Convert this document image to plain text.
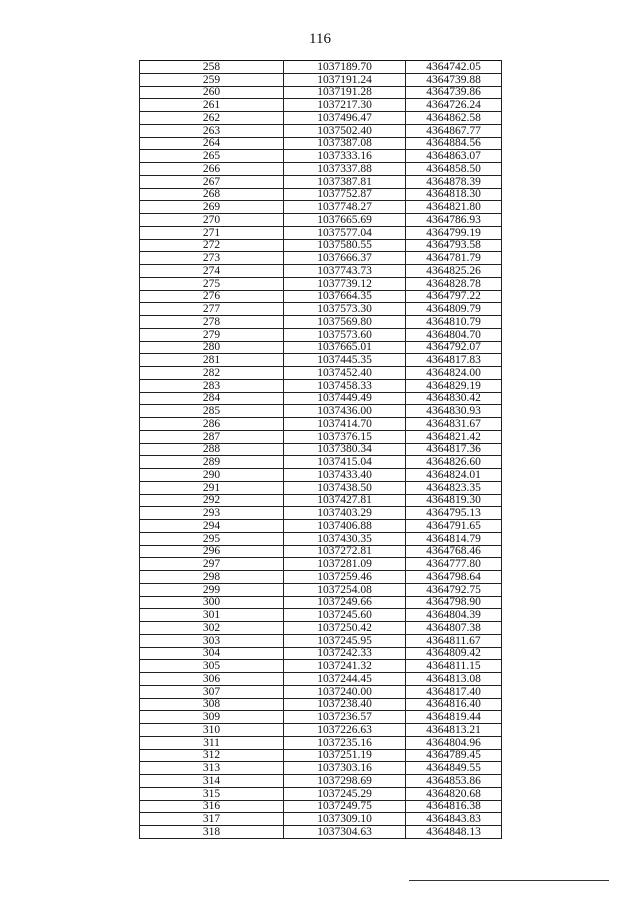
116
258	1037189.70	4364742.05
259	1037191.24	4364739.88
260	1037191.28	4364739.86
261	1037217.30	4364726.24
262	1037496.47	4364862.58
263	1037502.40	4364867.77
264	1037387.08	4364884.56
265	1037333.16	4364863.07
266	1037337.88	4364858.50
267	1037387.81	4364878.39
268	1037752.87	4364818.30
269	1037748.27	4364821.80
270	1037665.69	4364786.93
271	1037577.04	4364799.19
272	1037580.55	4364793.58
273	1037666.37	4364781.79
274	1037743.73	4364825.26
275	1037739.12	4364828.78
276	1037664.35	4364797.22
277	1037573.30	4364809.79
278	1037569.80	4364810.79
279	1037573.60	4364804.70
280	1037665.01	4364792.07
281	1037445.35	4364817.83
282	1037452.40	4364824.00
283	1037458.33	4364829.19
284	1037449.49	4364830.42
285	1037436.00	4364830.93
286	1037414.70	4364831.67
287	1037376.15	4364821.42
288	1037380.34	4364817.36
289	1037415.04	4364826.60
290	1037433.40	4364824.01
291	1037438.50	4364823.35
292	1037427.81	4364819.30
293	1037403.29	4364795.13
294	1037406.88	4364791.65
295	1037430.35	4364814.79
296	1037272.81	4364768.46
297	1037281.09	4364777.80
298	1037259.46	4364798.64
299	1037254.08	4364792.75
300	1037249.66	4364798.90
301	1037245.60	4364804.39
302	1037250.42	4364807.38
303	1037245.95	4364811.67
304	1037242.33	4364809.42
305	1037241.32	4364811.15
306	1037244.45	4364813.08
307	1037240.00	4364817.40
308	1037238.40	4364816.40
309	1037236.57	4364819.44
310	1037226.63	4364813.21
311	1037235.16	4364804.96
312	1037251.19	4364789.45
313	1037303.16	4364849.55
314	1037298.69	4364853.86
315	1037245.29	4364820.68
316	1037249.75	4364816.38
317	1037309.10	4364843.83
318	1037304.63	4364848.13
